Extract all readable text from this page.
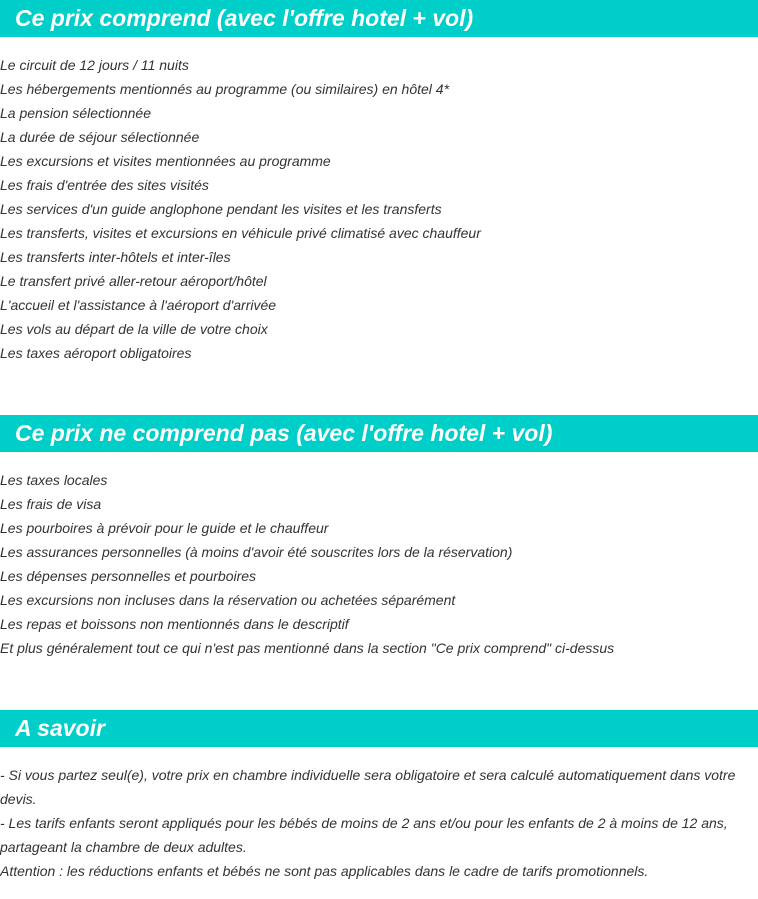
Ce prix comprend (avec l'offre hotel + vol)
Le circuit de 12 jours / 11 nuits
Les hébergements mentionnés au programme (ou similaires) en hôtel 4*
La pension sélectionnée
La durée de séjour sélectionnée
Les excursions et visites mentionnées au programme
Les frais d'entrée des sites visités
Les services d'un guide anglophone pendant les visites et les transferts
Les transferts, visites et excursions en véhicule privé climatisé avec chauffeur
Les transferts inter-hôtels et inter-îles
Le transfert privé aller-retour aéroport/hôtel
L'accueil et l'assistance à l'aéroport d'arrivée
Les vols au départ de la ville de votre choix
Les taxes aéroport obligatoires
Ce prix ne comprend pas (avec l'offre hotel + vol)
Les taxes locales
Les frais de visa
Les pourboires à prévoir pour le guide et le chauffeur
Les assurances personnelles (à moins d'avoir été souscrites lors de la réservation)
Les dépenses personnelles et pourboires
Les excursions non incluses dans la réservation ou achetées séparément
Les repas et boissons non mentionnés dans le descriptif
Et plus généralement tout ce qui n'est pas mentionné dans la section "Ce prix comprend" ci-dessus
A savoir

- Si vous partez seul(e), votre prix en chambre individuelle sera obligatoire et sera calculé automatiquement dans votre devis.

- Les tarifs enfants seront appliqués pour les bébés de moins de 2 ans et/ou pour les enfants de 2 à moins de 12 ans, partageant la chambre de deux adultes.

Attention : les réductions enfants et bébés ne sont pas applicables dans le cadre de tarifs promotionnels.
